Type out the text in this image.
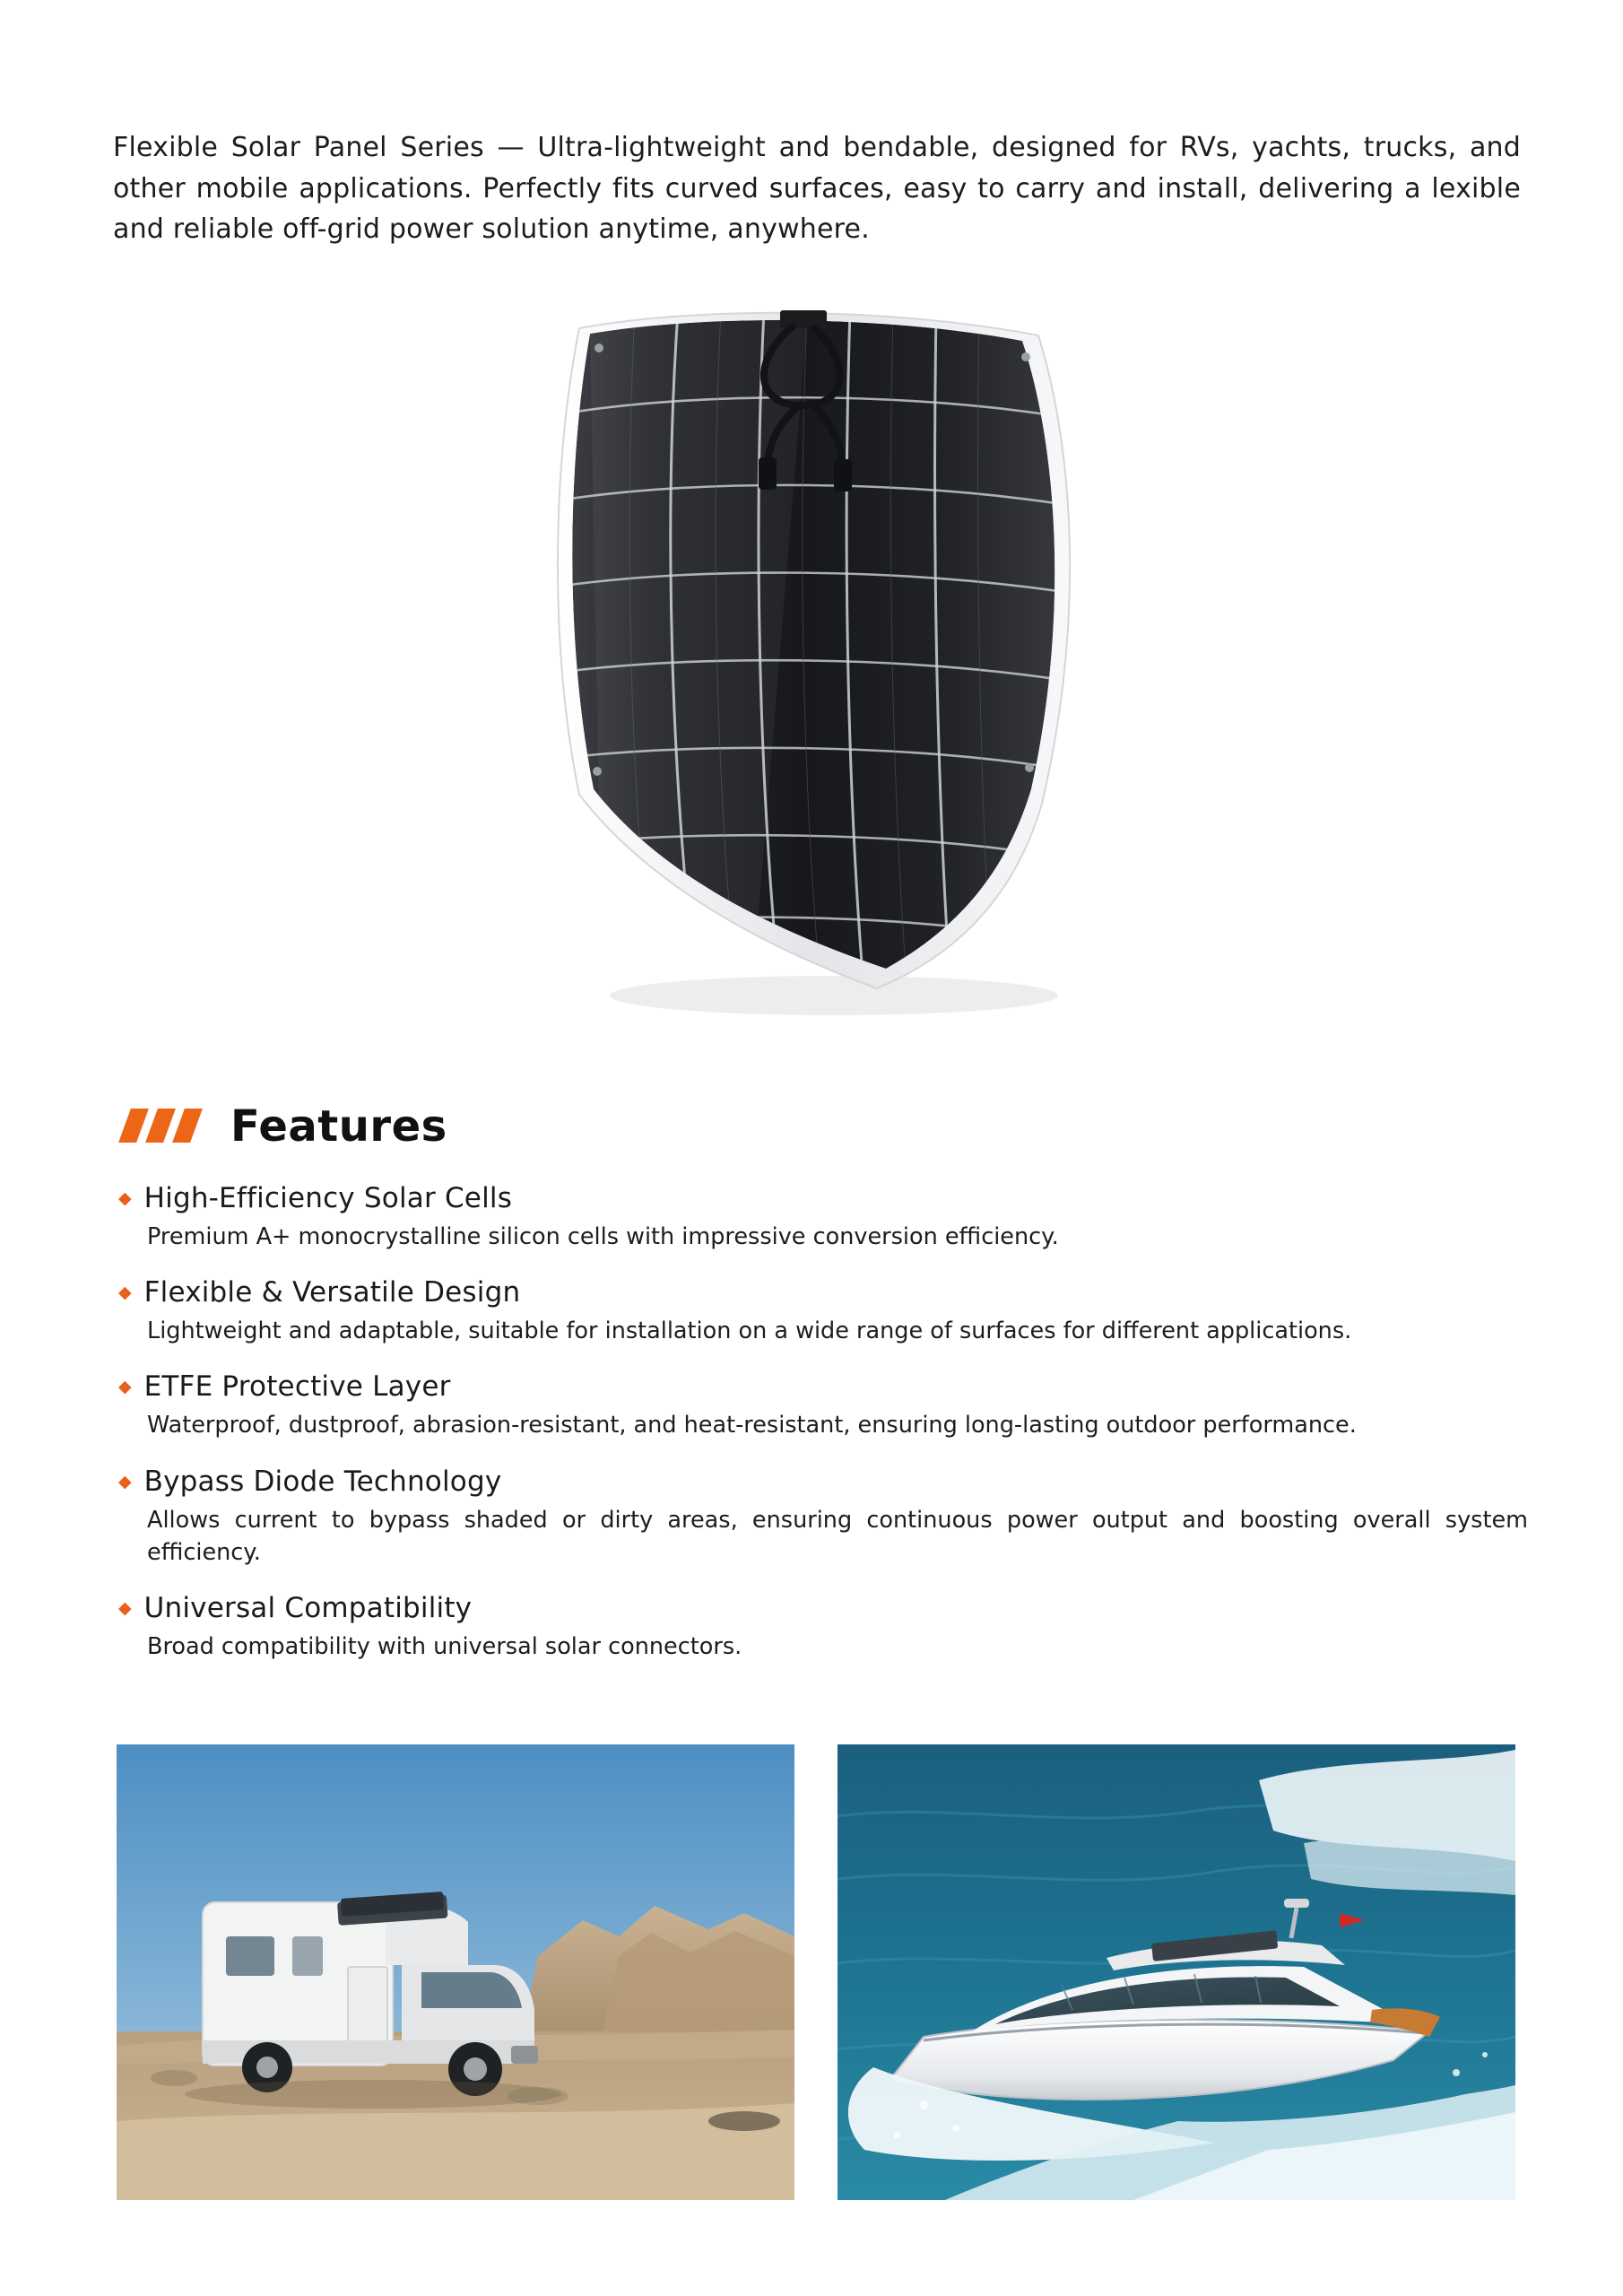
Flexible Solar Panel Series — Ultra-lightweight and bendable, designed for RVs, yachts, trucks, and other mobile applications. Perfectly fits curved surfaces, easy to carry and install, delivering a lexible and reliable off-grid power solution anytime, anywhere.

Features
◆ High-Efficiency Solar Cells
Premium A+ monocrystalline silicon cells with impressive conversion efficiency.
◆ Flexible & Versatile Design
Lightweight and adaptable, suitable for installation on a wide range of surfaces for different applications.
◆ ETFE Protective Layer
Waterproof, dustproof, abrasion-resistant, and heat-resistant, ensuring long-lasting outdoor performance.
◆ Bypass Diode Technology
Allows current to bypass shaded or dirty areas, ensuring continuous power output and boosting overall system efficiency.
◆ Universal Compatibility
Broad compatibility with universal solar connectors.
